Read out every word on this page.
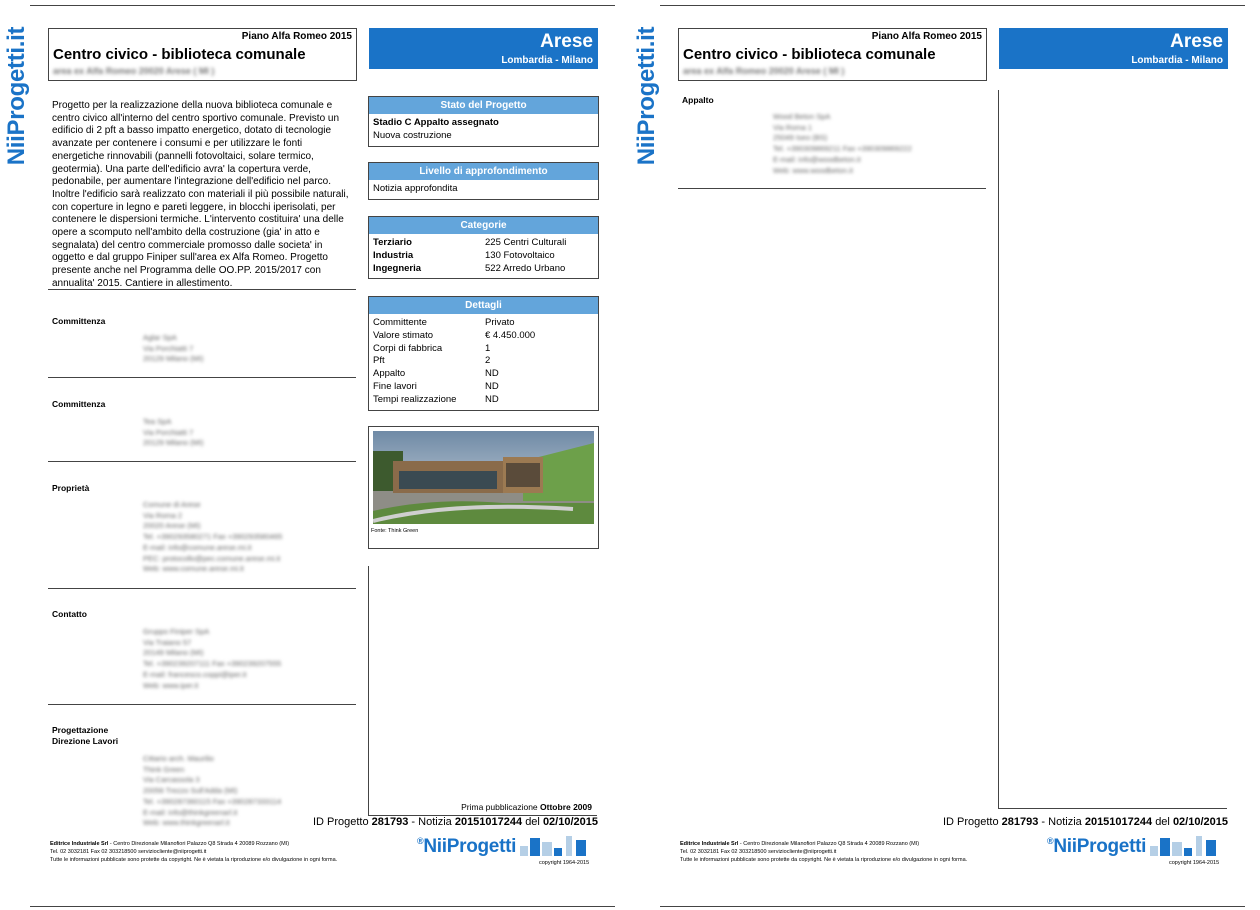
NiiProgetti.it	Piano Alfa Romeo 2015
Centro civico - biblioteca comunale
area ex Alfa Romeo 20020 Arese ( MI )
Arese
Lombardia - Milano
Progetto per la realizzazione della nuova biblioteca comunale e centro civico all'interno del centro sportivo comunale. Previsto un edificio di 2 pft a basso impatto energetico, dotato di tecnologie avanzate per contenere i consumi e per utilizzare le fonti energetiche rinnovabili (pannelli fotovoltaici, solare termico, geotermia). Una parte dell'edificio avra' la copertura verde, pedonabile, per aumentare l'integrazione dell'edificio nel parco. Inoltre l'edificio sarà realizzato con materiali il più possibile naturali, con coperture in legno e pareti leggere, in blocchi iperisolati, per contenere le dispersioni termiche. L'intervento costituira' una delle opere a scomputo nell'ambito della costruzione (gia' in atto e segnalata) del centro commerciale promosso dalle societa' in oggetto e dal gruppo Finiper sull'area ex Alfa Romeo. Progetto presente anche nel Programma delle OO.PP. 2015/2017 con annualita' 2015. Cantiere in allestimento.
Committenza
Aglar SpA
Via Porchiatti 7
20129 Milano (MI)
Committenza
Tea SpA
Via Porchiatti 7
20129 Milano (MI)
Proprietà
Comune di Arese
Via Roma 2
20020 Arese (MI)
Tel. +390293580271 Fax +390293580465
E-mail: info@comune.arese.mi.it
PEC: protocollo@pec.comune.arese.mi.it
Web: www.comune.arese.mi.it
Contatto
Gruppo Finiper SpA
Via Traiano 57
20149 Milano (MI)
Tel. +390239207111 Fax +390239207555
E-mail: francesco.coppi@iper.it
Web: www.iper.it
Progettazione
Direzione Lavori
Cittario arch. Maurilio
Think Green
Via Carcassola 3
20056 Trezzo Sull'Adda (MI)
Tel. +390287360115 Fax +390287333114
E-mail: info@thinkgreenarl.it
Web: www.thinkgreenarl.it
Stato del Progetto
Stadio C Appalto assegnato
Nuova costruzione
Livello di approfondimento
Notizia approfondita
Categorie
Terziario	225 Centri Culturali
Industria	130 Fotovoltaico
Ingegneria	522 Arredo Urbano
Dettagli
Committente	Privato
Valore stimato	€ 4.450.000
Corpi di fabbrica	1
Pft	2
Appalto	ND
Fine lavori	ND
Tempi realizzazione	ND
Fonte: Think Green
Prima pubblicazione Ottobre 2009
ID Progetto 281793 - Notizia 20151017244 del 02/10/2015
Editrice Industriale Srl - Centro Direzionale Milanofiori Palazzo Q8 Strada 4 20089 Rozzano (MI)
Tel. 02 3032181 Fax 02 303218500 serviziocliente@niiprogetti.it
Tutte le informazioni pubblicate sono protette da copyright. Ne è vietata la riproduzione e/o divulgazione in ogni forma.
®NiiProgetti
copyright 1964-2015
NiiProgetti.it	Piano Alfa Romeo 2015
Centro civico - biblioteca comunale
area ex Alfa Romeo 20020 Arese ( MI )
Arese
Lombardia - Milano
Appalto
Wood Beton SpA
Via Roma 1
25049 Iseo (BS)
Tel. +390309869211 Fax +390309869222
E-mail: info@woodbeton.it
Web: www.woodbeton.it
ID Progetto 281793 - Notizia 20151017244 del 02/10/2015
Editrice Industriale Srl - Centro Direzionale Milanofiori Palazzo Q8 Strada 4 20089 Rozzano (MI)
Tel. 02 3032181 Fax 02 303218500 serviziocliente@niiprogetti.it
Tutte le informazioni pubblicate sono protette da copyright. Ne è vietata la riproduzione e/o divulgazione in ogni forma.
®NiiProgetti
copyright 1964-2015
